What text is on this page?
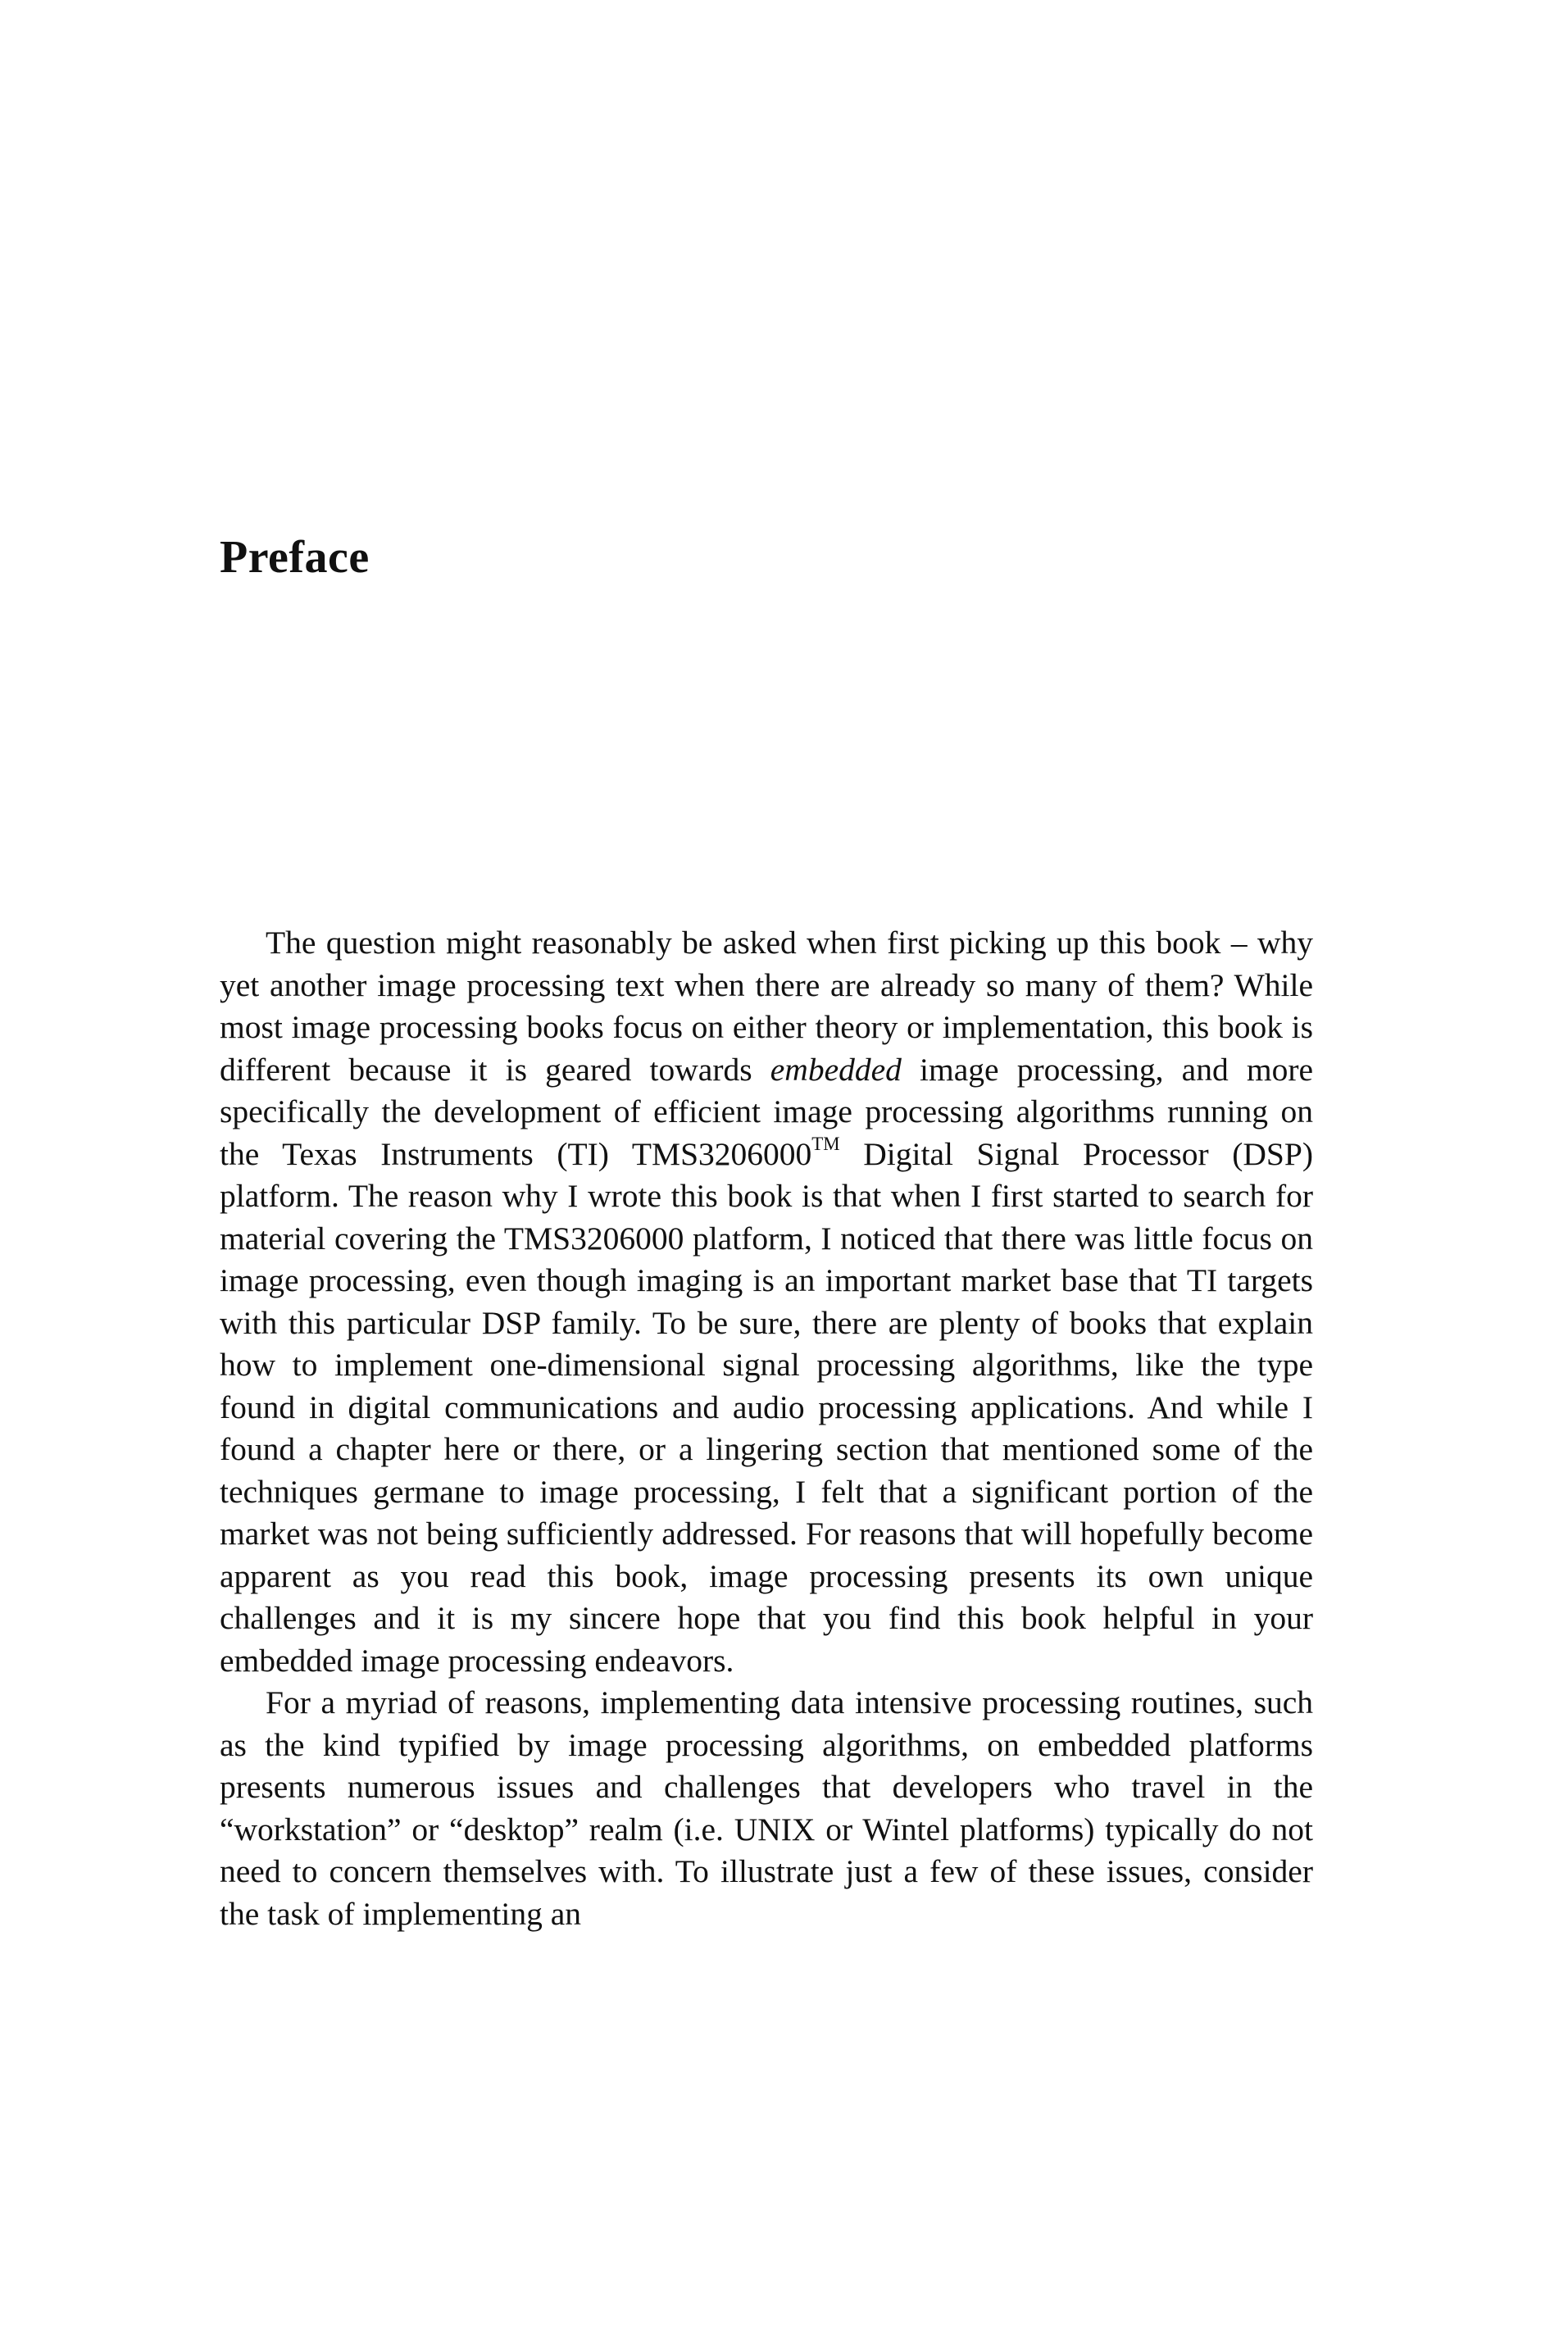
Preface

The question might reasonably be asked when first picking up this book – why yet another image processing text when there are already so many of them? While most image processing books focus on either theory or implementation, this book is different because it is geared towards embedded image processing, and more specifically the development of efficient image processing algorithms running on the Texas Instruments (TI) TMS3206000™ Digital Signal Processor (DSP) platform. The reason why I wrote this book is that when I first started to search for material covering the TMS3206000 platform, I noticed that there was little focus on image processing, even though imaging is an important market base that TI targets with this particular DSP family. To be sure, there are plenty of books that explain how to implement one-dimensional signal processing algorithms, like the type found in digital communications and audio processing applications. And while I found a chapter here or there, or a lingering section that mentioned some of the techniques germane to image processing, I felt that a significant portion of the market was not being sufficiently addressed. For reasons that will hopefully become apparent as you read this book, image processing presents its own unique challenges and it is my sincere hope that you find this book helpful in your embedded image processing endeavors.

For a myriad of reasons, implementing data intensive processing routines, such as the kind typified by image processing algorithms, on embedded platforms presents numerous issues and challenges that developers who travel in the “workstation” or “desktop” realm (i.e. UNIX or Wintel platforms) typically do not need to concern themselves with. To illustrate just a few of these issues, consider the task of implementing an
